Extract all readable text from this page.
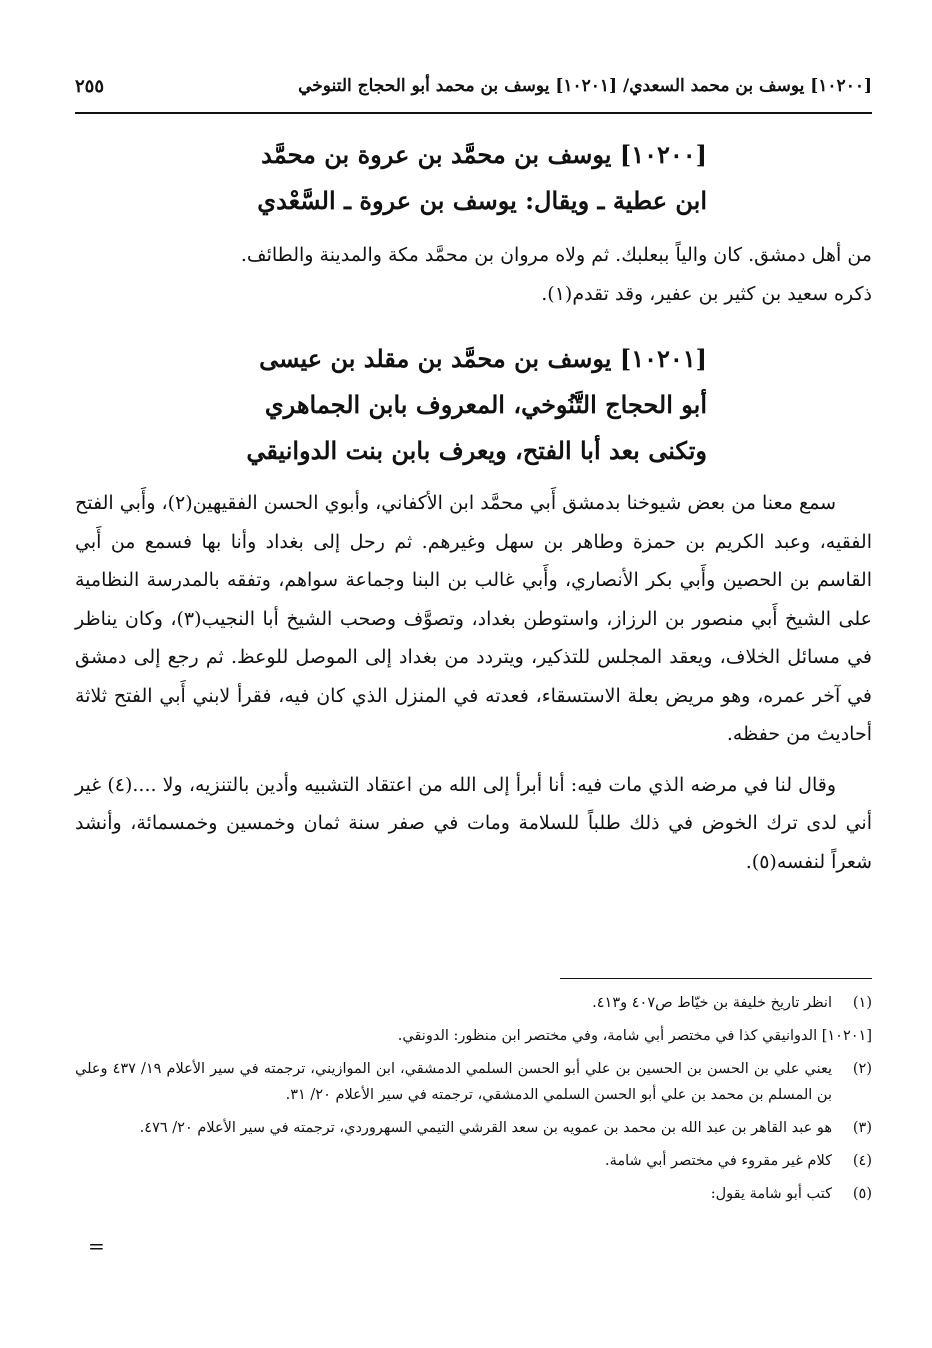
[١٠٢٠٠] يوسف بن محمد السعدي/ [١٠٢٠١] يوسف بن محمد أبو الحجاج التنوخي
٢٥٥
[١٠٢٠٠] يوسف بن محمَّد بن عروة بن محمَّد
ابن عطية ـ ويقال: يوسف بن عروة ـ السَّعْدي

من أهل دمشق. كان والياً ببعلبك. ثم ولاه مروان بن محمَّد مكة والمدينة والطائف.

ذكره سعيد بن كثير بن عفير، وقد تقدم(١).

[١٠٢٠١] يوسف بن محمَّد بن مقلد بن عيسى
أبو الحجاج التَّنُوخي، المعروف بابن الجماهري
وتكنى بعد أبا الفتح، ويعرف بابن بنت الدوانيقي

سمع معنا من بعض شيوخنا بدمشق أَبي محمَّد ابن الأكفاني، وأبوي الحسن الفقيهين(٢)، وأَبي الفتح الفقيه، وعبد الكريم بن حمزة وطاهر بن سهل وغيرهم. ثم رحل إلى بغداد وأنا بها فسمع من أَبي القاسم بن الحصين وأَبي بكر الأنصاري، وأَبي غالب بن البنا وجماعة سواهم، وتفقه بالمدرسة النظامية على الشيخ أَبي منصور بن الرزاز، واستوطن بغداد، وتصوَّف وصحب الشيخ أبا النجيب(٣)، وكان يناظر في مسائل الخلاف، ويعقد المجلس للتذكير، ويتردد من بغداد إلى الموصل للوعظ. ثم رجع إلى دمشق في آخر عمره، وهو مريض بعلة الاستسقاء، فعدته في المنزل الذي كان فيه، فقرأ لابني أَبي الفتح ثلاثة أحاديث من حفظه.

وقال لنا في مرضه الذي مات فيه: أنا أبرأ إلى الله من اعتقاد التشبيه وأدين بالتنزيه، ولا ....(٤) غير أني لدى ترك الخوض في ذلك طلباً للسلامة ومات في صفر سنة ثمان وخمسين وخمسمائة، وأنشد شعراً لنفسه(٥).

(١)
انظر تاريخ خليفة بن خيّاط ص٤٠٧ و٤١٣.
[١٠٢٠١] الدوانيقي كذا في مختصر أبي شامة، وفي مختصر ابن منظور: الدونقي.
(٢)
يعني علي بن الحسن بن الحسين بن علي أبو الحسن السلمي الدمشقي، ابن الموازيني، ترجمته في سير الأعلام ١٩/ ٤٣٧ وعلي بن المسلم بن محمد بن علي أبو الحسن السلمي الدمشقي، ترجمته في سير الأعلام ٢٠/ ٣١.
(٣)
هو عبد القاهر بن عبد الله بن محمد بن عمويه بن سعد القرشي التيمي السهروردي، ترجمته في سير الأعلام ٢٠/ ٤٧٦.
(٤)
كلام غير مقروء في مختصر أبي شامة.
(٥)
كتب أبو شامة يقول:
=
